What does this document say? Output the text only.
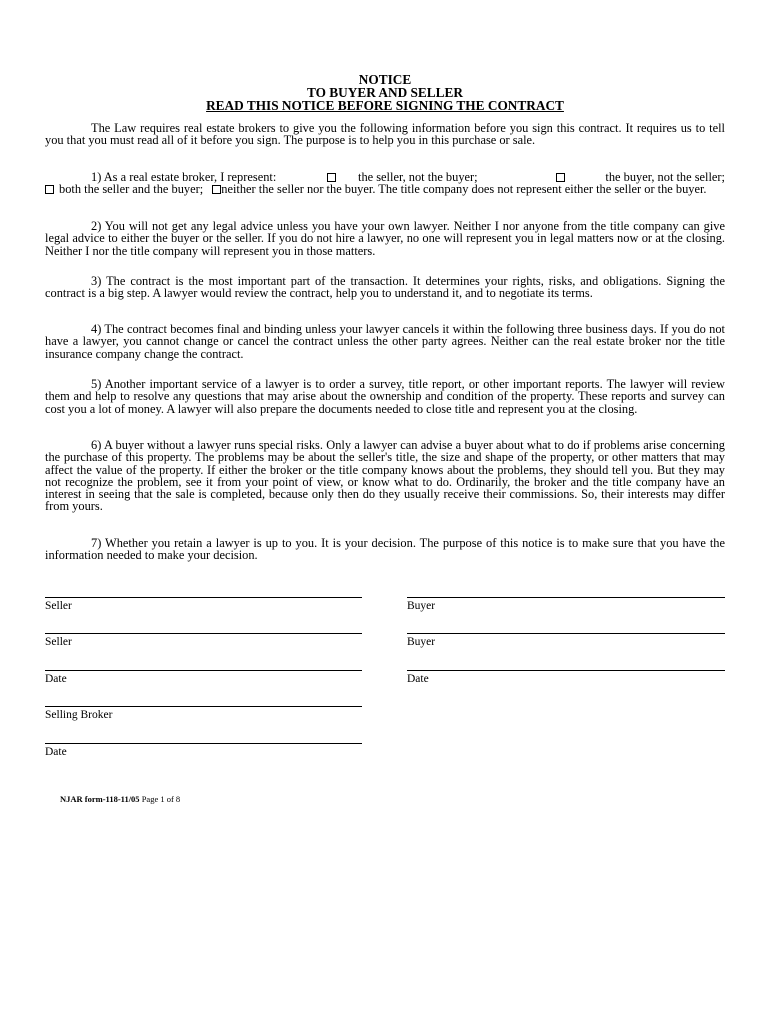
NOTICE
TO BUYER AND SELLER
READ THIS NOTICE BEFORE SIGNING THE CONTRACT
The Law requires real estate brokers to give you the following information before you sign this contract. It requires us to tell you that you must read all of it before you sign. The purpose is to help you in this purchase or sale.
1) As a real estate broker, I represent:	the seller, not the buyer;	the buyer, not the seller;
both the seller and the buyer; neither the seller nor the buyer. The title company does not represent either the seller or the buyer.
2) You will not get any legal advice unless you have your own lawyer. Neither I nor anyone from the title company can give legal advice to either the buyer or the seller. If you do not hire a lawyer, no one will represent you in legal matters now or at the closing. Neither I nor the title company will represent you in those matters.
3) The contract is the most important part of the transaction. It determines your rights, risks, and obligations. Signing the contract is a big step. A lawyer would review the contract, help you to understand it, and to negotiate its terms.
4) The contract becomes final and binding unless your lawyer cancels it within the following three business days. If you do not have a lawyer, you cannot change or cancel the contract unless the other party agrees. Neither can the real estate broker nor the title insurance company change the contract.
5) Another important service of a lawyer is to order a survey, title report, or other important reports. The lawyer will review them and help to resolve any questions that may arise about the ownership and condition of the property. These reports and survey can cost you a lot of money. A lawyer will also prepare the documents needed to close title and represent you at the closing.
6) A buyer without a lawyer runs special risks. Only a lawyer can advise a buyer about what to do if problems arise concerning the purchase of this property. The problems may be about the seller's title, the size and shape of the property, or other matters that may affect the value of the property. If either the broker or the title company knows about the problems, they should tell you. But they may not recognize the problem, see it from your point of view, or know what to do. Ordinarily, the broker and the title company have an interest in seeing that the sale is completed, because only then do they usually receive their commissions. So, their interests may differ from yours.
7) Whether you retain a lawyer is up to you. It is your decision. The purpose of this notice is to make sure that you have the information needed to make your decision.
Seller
Seller
Date
Selling Broker
Date
Buyer
Buyer
Date
NJAR form-118-11/05 Page 1 of 8
